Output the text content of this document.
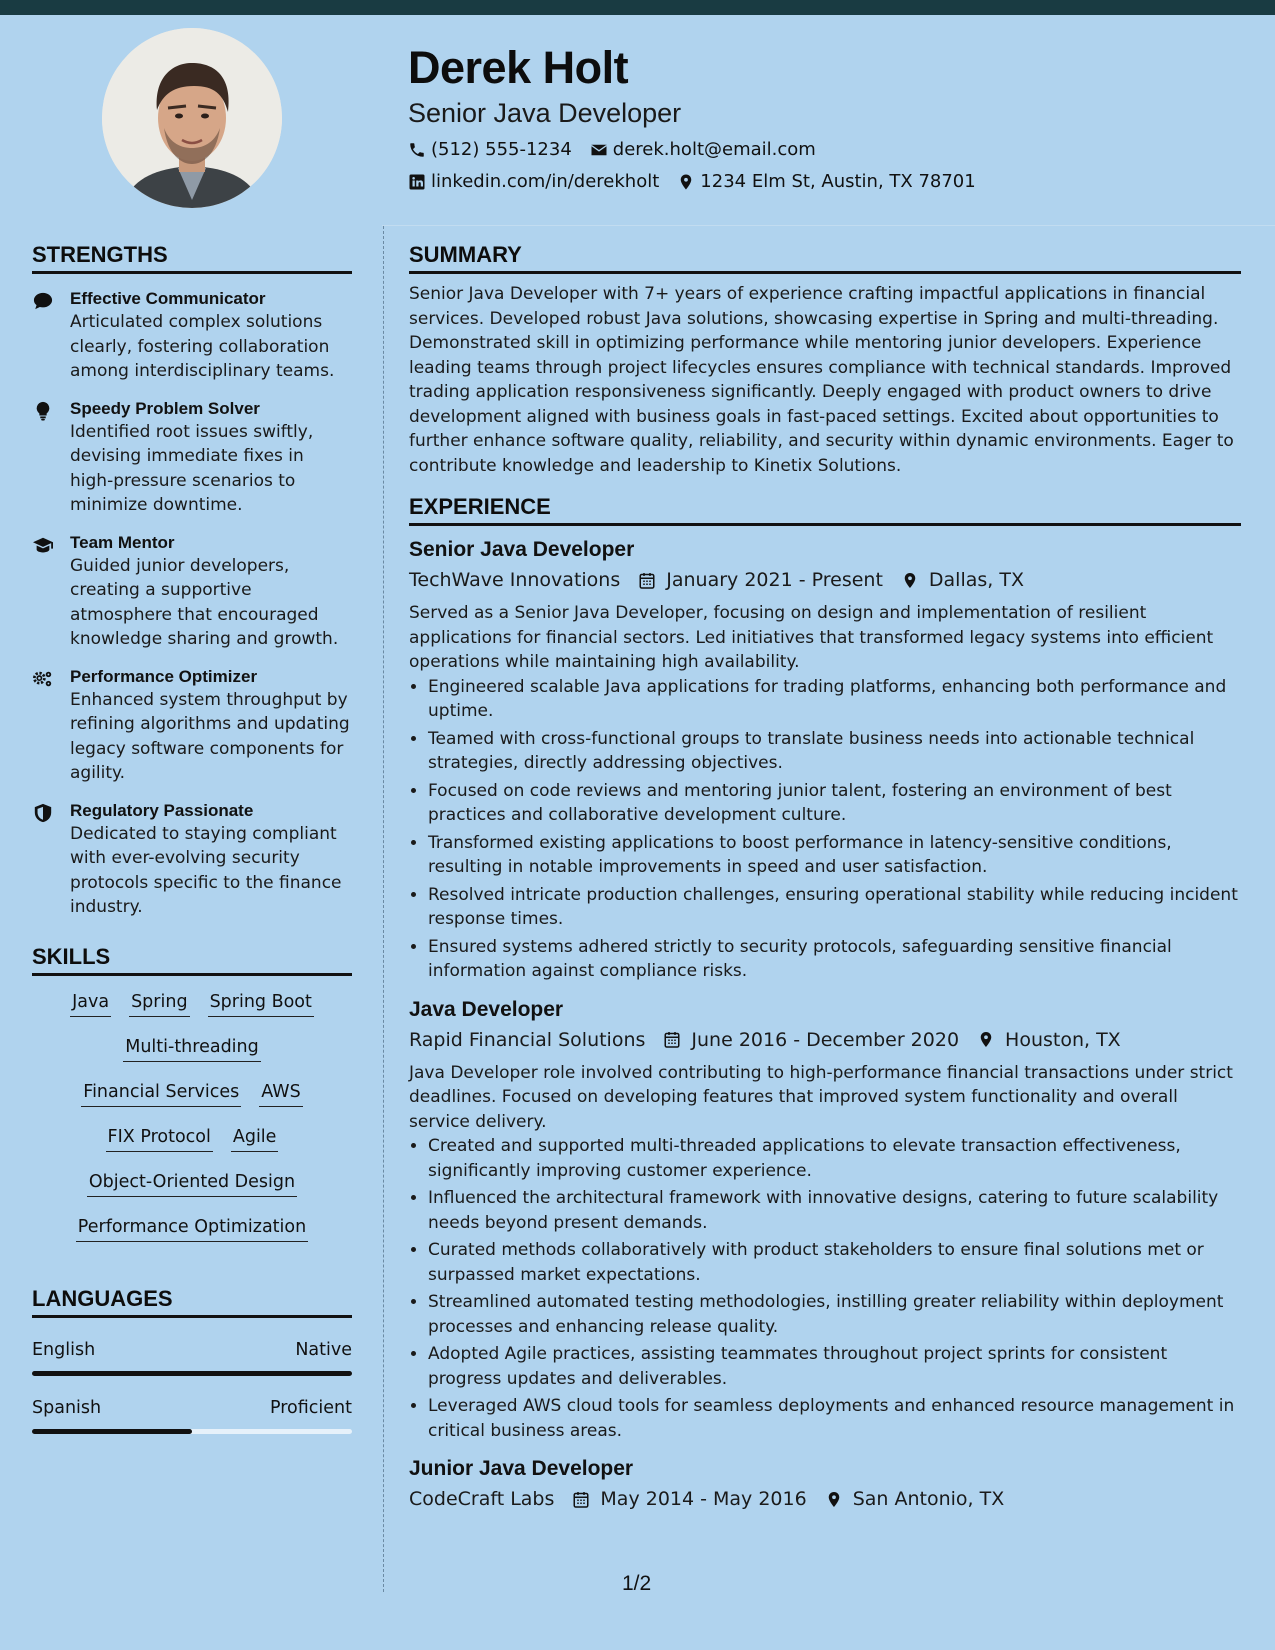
Derek Holt
Senior Java Developer
(512) 555-1234 derek.holt@email.com
linkedin.com/in/derekholt 1234 Elm St, Austin, TX 78701
STRENGTHS
Effective Communicator
Articulated complex solutions clearly, fostering collaboration among interdisciplinary teams.
Speedy Problem Solver
Identified root issues swiftly, devising immediate fixes in high-pressure scenarios to minimize downtime.
Team Mentor
Guided junior developers, creating a supportive atmosphere that encouraged knowledge sharing and growth.
Performance Optimizer
Enhanced system throughput by refining algorithms and updating legacy software components for agility.
Regulatory Passionate
Dedicated to staying compliant with ever-evolving security protocols specific to the finance industry.
SKILLS
Java Spring Spring Boot
Multi-threading
Financial Services AWS
FIX Protocol Agile
Object-Oriented Design
Performance Optimization
LANGUAGES
English	Native
Spanish	Proficient
SUMMARY
Senior Java Developer with 7+ years of experience crafting impactful applications in financial services. Developed robust Java solutions, showcasing expertise in Spring and multi-threading. Demonstrated skill in optimizing performance while mentoring junior developers. Experience leading teams through project lifecycles ensures compliance with technical standards. Improved trading application responsiveness significantly. Deeply engaged with product owners to drive development aligned with business goals in fast-paced settings. Excited about opportunities to further enhance software quality, reliability, and security within dynamic environments. Eager to contribute knowledge and leadership to Kinetix Solutions.
EXPERIENCE
Senior Java Developer
TechWave Innovations January 2021 - Present Dallas, TX
Served as a Senior Java Developer, focusing on design and implementation of resilient applications for financial sectors. Led initiatives that transformed legacy systems into efficient operations while maintaining high availability.
• Engineered scalable Java applications for trading platforms, enhancing both performance and uptime.
• Teamed with cross-functional groups to translate business needs into actionable technical strategies, directly addressing objectives.
• Focused on code reviews and mentoring junior talent, fostering an environment of best practices and collaborative development culture.
• Transformed existing applications to boost performance in latency-sensitive conditions, resulting in notable improvements in speed and user satisfaction.
• Resolved intricate production challenges, ensuring operational stability while reducing incident response times.
• Ensured systems adhered strictly to security protocols, safeguarding sensitive financial information against compliance risks.
Java Developer
Rapid Financial Solutions June 2016 - December 2020 Houston, TX
Java Developer role involved contributing to high-performance financial transactions under strict deadlines. Focused on developing features that improved system functionality and overall service delivery.
• Created and supported multi-threaded applications to elevate transaction effectiveness, significantly improving customer experience.
• Influenced the architectural framework with innovative designs, catering to future scalability needs beyond present demands.
• Curated methods collaboratively with product stakeholders to ensure final solutions met or surpassed market expectations.
• Streamlined automated testing methodologies, instilling greater reliability within deployment processes and enhancing release quality.
• Adopted Agile practices, assisting teammates throughout project sprints for consistent progress updates and deliverables.
• Leveraged AWS cloud tools for seamless deployments and enhanced resource management in critical business areas.
Junior Java Developer
CodeCraft Labs May 2014 - May 2016 San Antonio, TX
1/2
